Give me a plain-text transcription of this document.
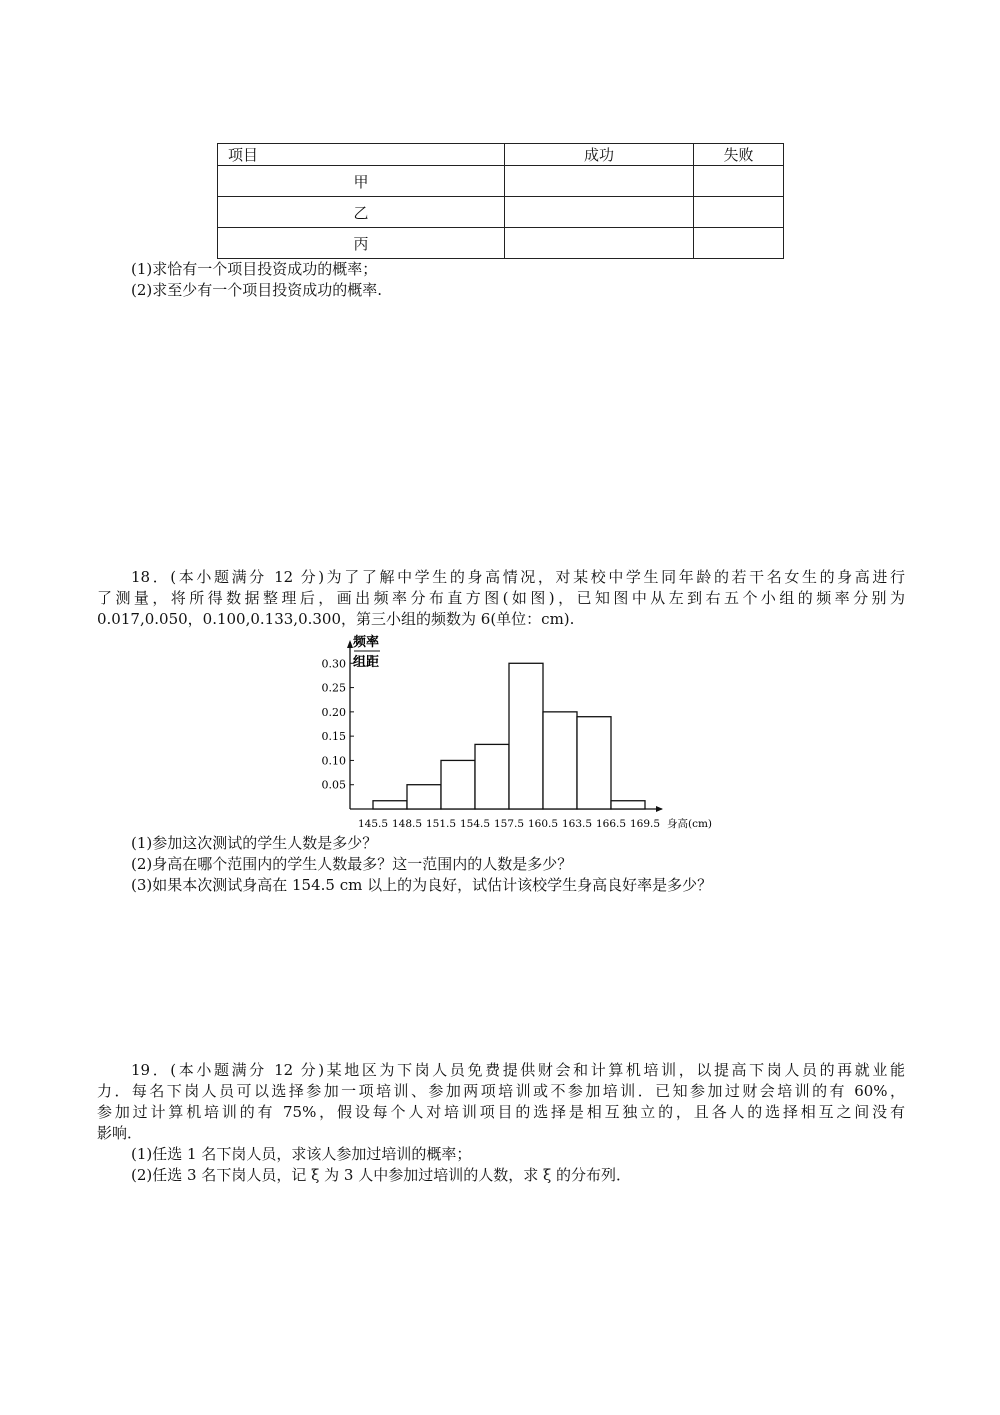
项目	成功	失败
甲		
乙		
丙		
(1)求恰有一个项目投资成功的概率；
(2)求至少有一个项目投资成功的概率.
18．(本小题满分 12 分)为了了解中学生的身高情况，对某校中学生同年龄的若干名女生的身高进行
了测量，将所得数据整理后，画出频率分布直方图(如图)，已知图中从左到右五个小组的频率分别为
0.017,0.050，0.100,0.133,0.300，第三小组的频数为 6(单位：cm).
频率
组距
0.05
0.10
0.15
0.20
0.25
0.30
145.5 148.5 151.5 154.5 157.5 160.5 163.5 166.5 169.5 身高(cm)
(1)参加这次测试的学生人数是多少？
(2)身高在哪个范围内的学生人数最多？这一范围内的人数是多少？
(3)如果本次测试身高在 154.5 cm 以上的为良好，试估计该校学生身高良好率是多少？
19．(本小题满分 12 分)某地区为下岗人员免费提供财会和计算机培训，以提高下岗人员的再就业能
力．每名下岗人员可以选择参加一项培训、参加两项培训或不参加培训．已知参加过财会培训的有 60%，
参加过计算机培训的有 75%，假设每个人对培训项目的选择是相互独立的，且各人的选择相互之间没有
影响．
(1)任选 1 名下岗人员，求该人参加过培训的概率；
(2)任选 3 名下岗人员，记 ξ 为 3 人中参加过培训的人数，求 ξ 的分布列．
